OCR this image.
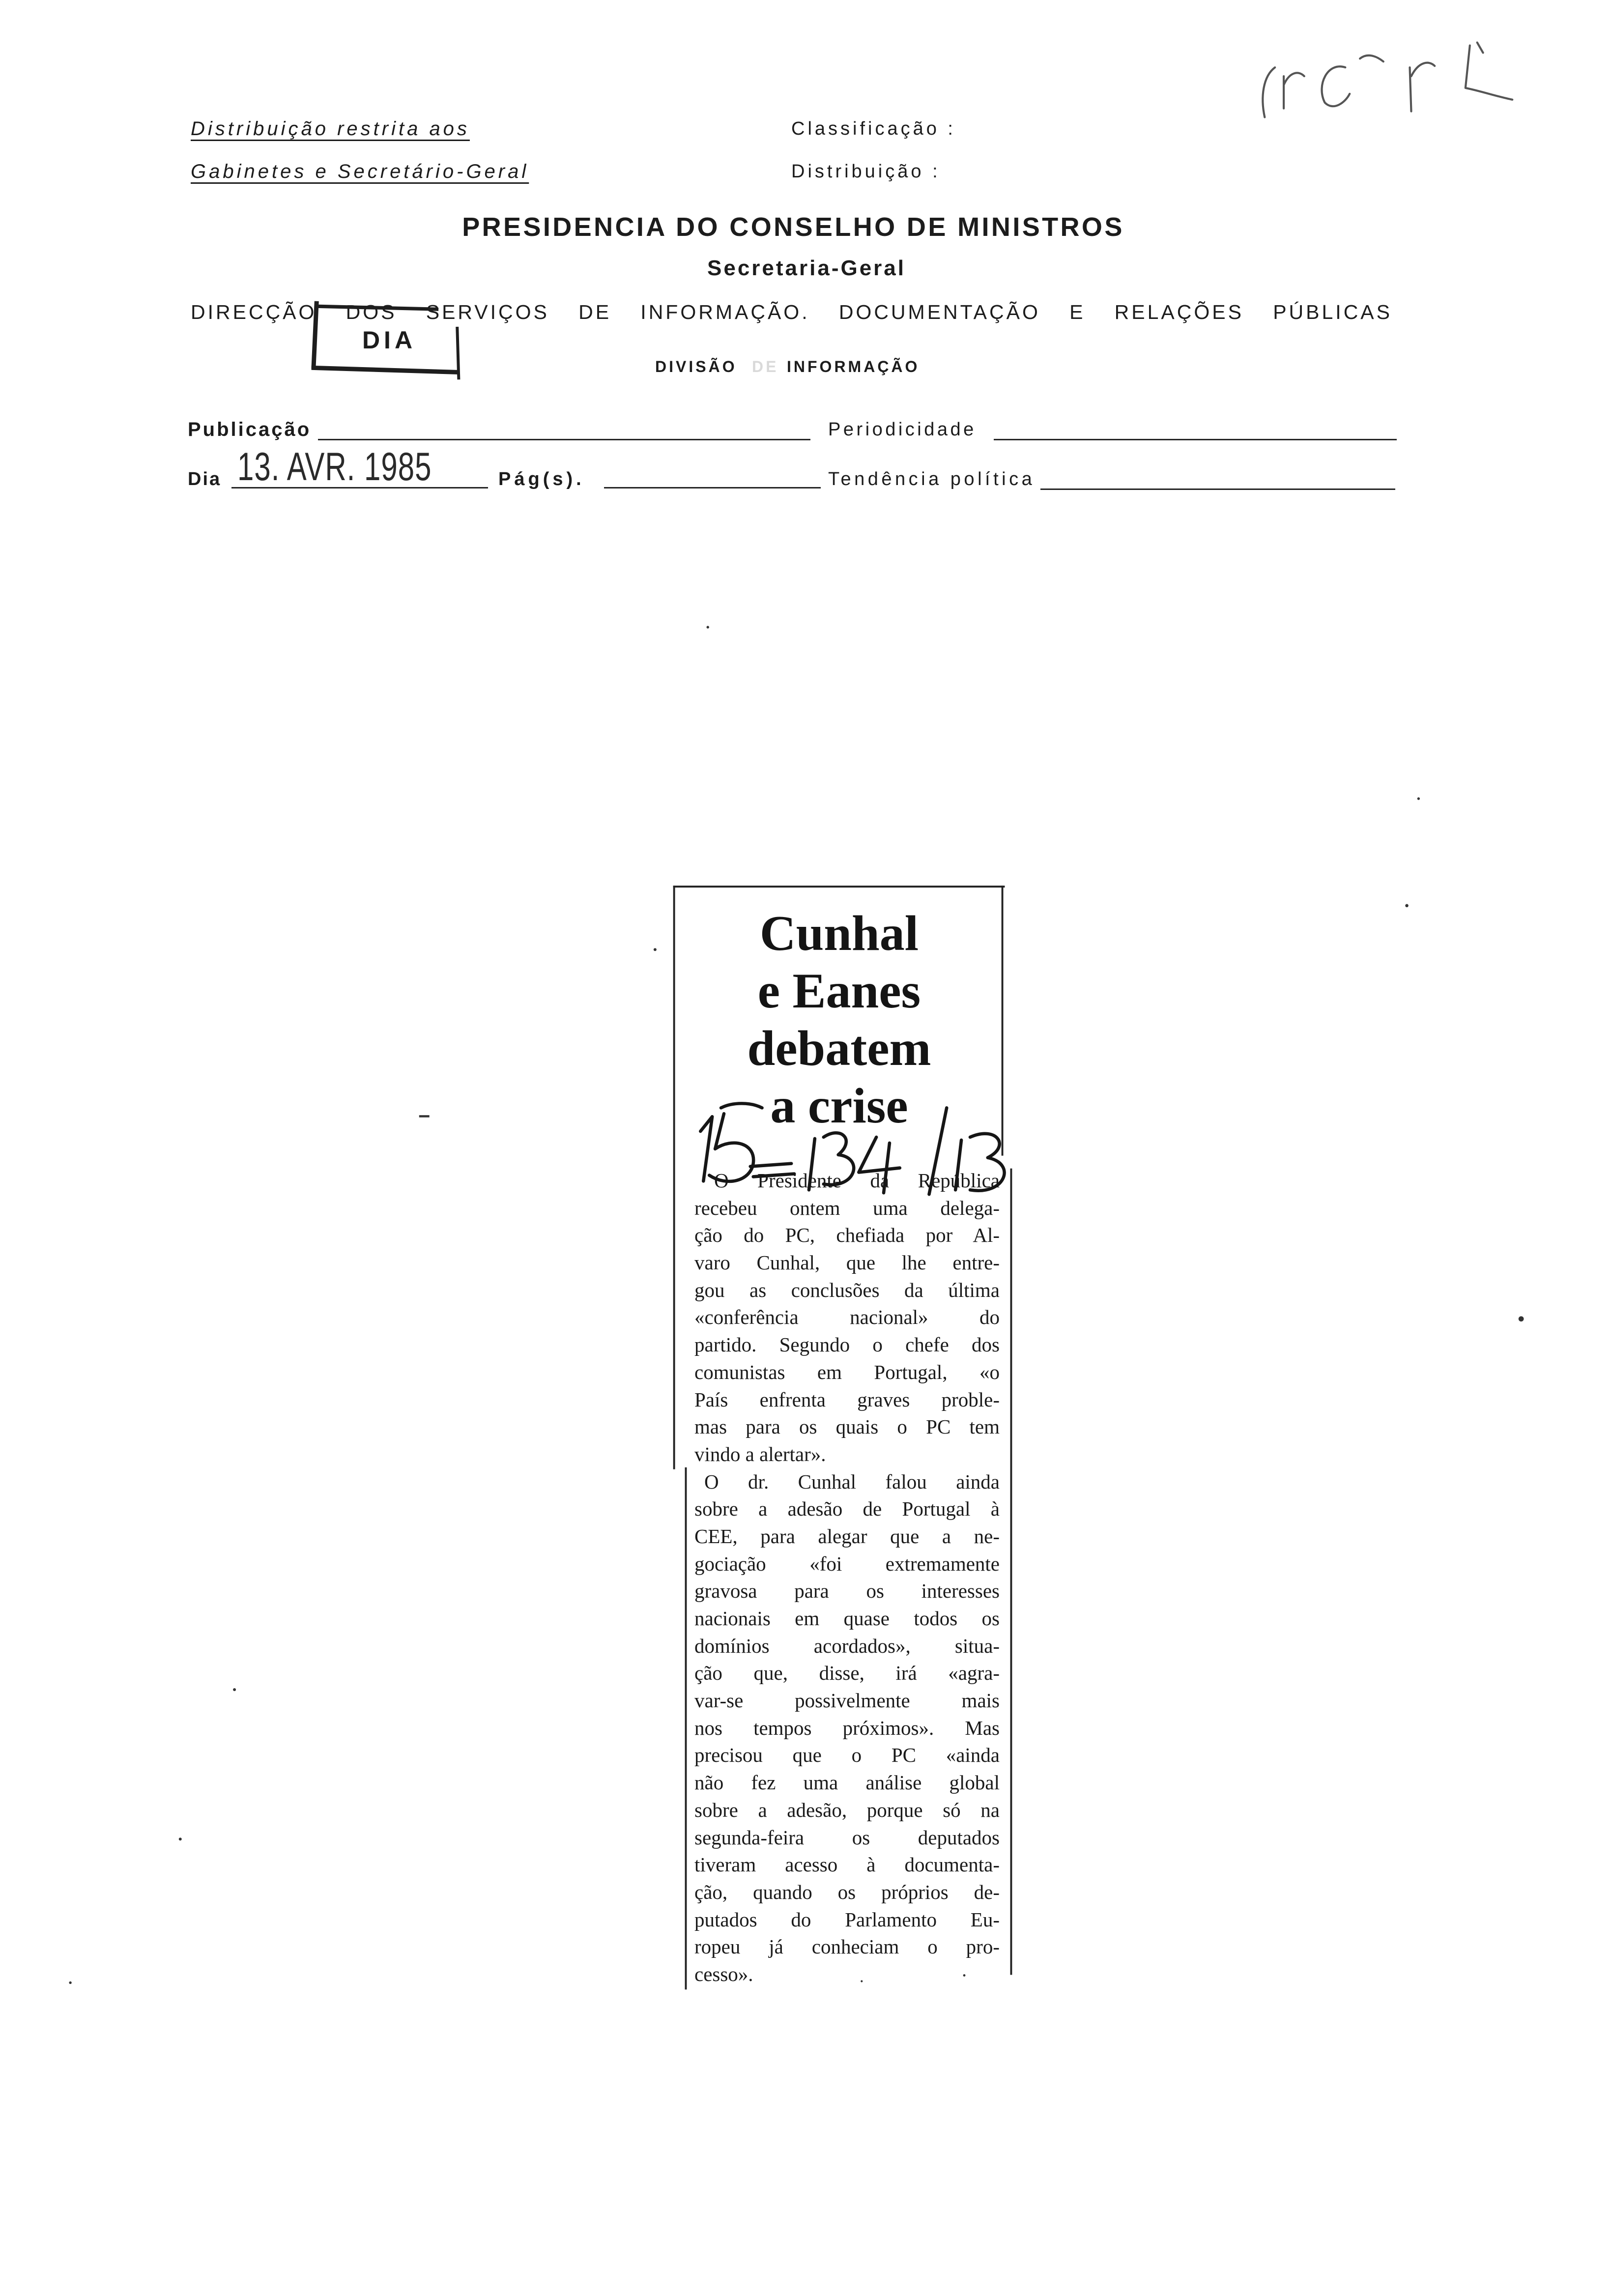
Distribuição restrita aos
Gabinetes e Secretário-Geral
Classificação :
Distribuição :
PRESIDENCIA DO CONSELHO DE MINISTROS
Secretaria-Geral
DIRECÇÃO DOS SERVIÇOS DE INFORMAÇÃO. DOCUMENTAÇÃO E RELAÇÕES PÚBLICAS
DIA
DIVISÃO DE INFORMAÇÃO
Publicação	Periodicidade
Dia 13. AVR. 1985	Pág(s).	Tendência política
Cunhal
e Eanes
debatem
a crise
O Presidente da República
recebeu ontem uma delega-
ção do PC, chefiada por Al-
varo Cunhal, que lhe entre-
gou as conclusões da última
«conferência nacional» do
partido. Segundo o chefe dos
comunistas em Portugal, «o
País enfrenta graves proble-
mas para os quais o PC tem
vindo a alertar».
O dr. Cunhal falou ainda
sobre a adesão de Portugal à
CEE, para alegar que a ne-
gociação «foi extremamente
gravosa para os interesses
nacionais em quase todos os
domínios acordados», situa-
ção que, disse, irá «agra-
var-se possivelmente mais
nos tempos próximos». Mas
precisou que o PC «ainda
não fez uma análise global
sobre a adesão, porque só na
segunda-feira os deputados
tiveram acesso à documenta-
ção, quando os próprios de-
putados do Parlamento Eu-
ropeu já conheciam o pro-
cesso».
